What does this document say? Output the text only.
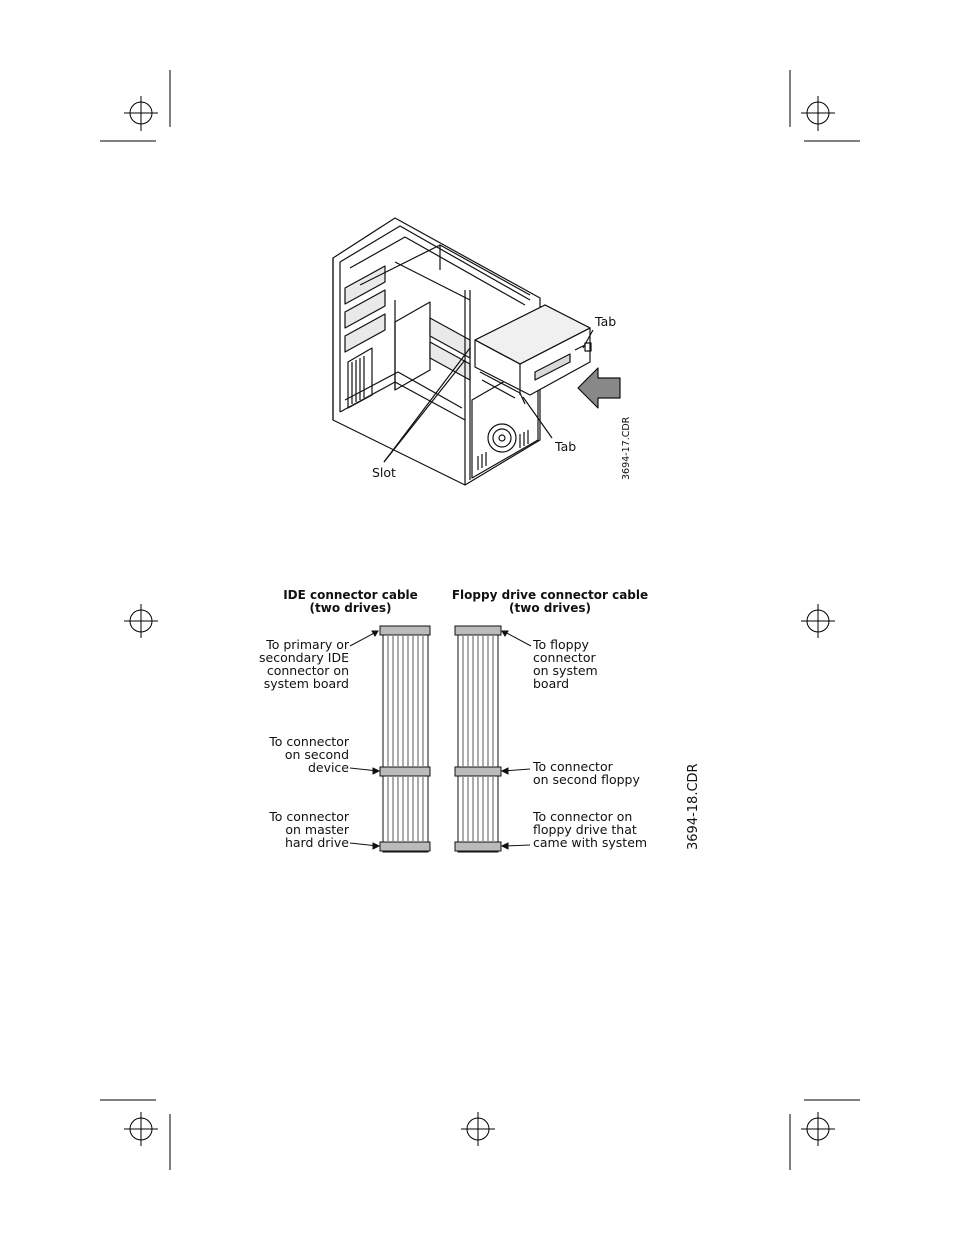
Tab
Tab
Slot	3694-17.CDR
IDE connector cable
(two drives)
Floppy drive connector cable
(two drives)
To primary or
secondary IDE
connector on
system board
To connector
on second
device
To connector
on master
hard drive
To floppy
connector
on system
board
To connector
on second floppy
To connector on
floppy drive that
came with system	3694-18.CDR
